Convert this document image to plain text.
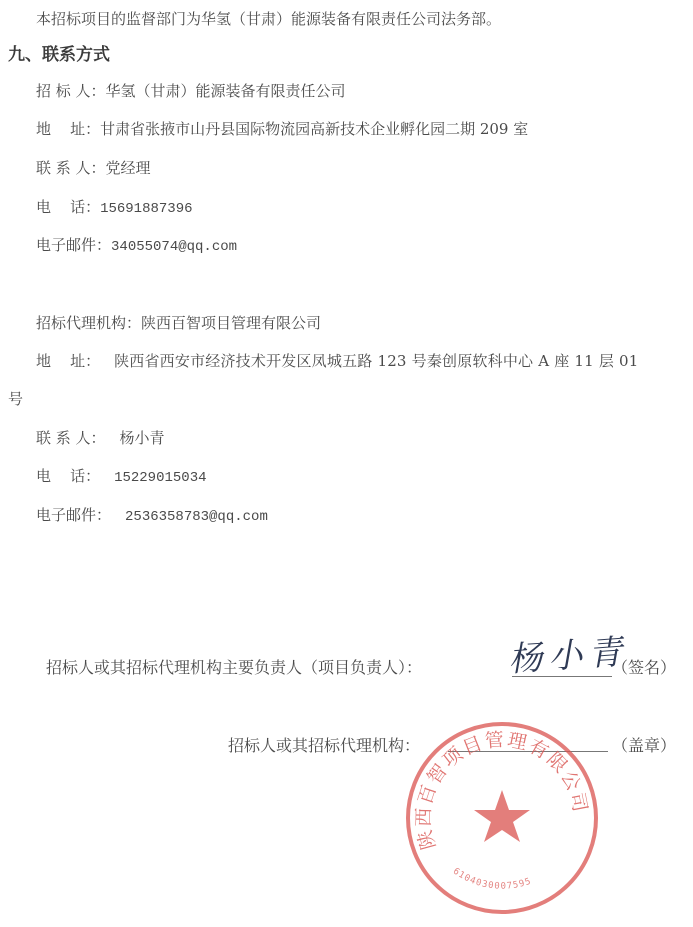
本招标项目的监督部门为华氢（甘肃）能源装备有限责任公司法务部。
九、联系方式
招 标 人：华氢（甘肃）能源装备有限责任公司
地    址：甘肃省张掖市山丹县国际物流园高新技术企业孵化园二期 209 室
联 系 人：党经理
电    话：15691887396
电子邮件：34055074@qq.com
招标代理机构：陕西百智项目管理有限公司
地    址： 陕西省西安市经济技术开发区凤城五路 123 号秦创原软科中心 A 座 11 层 01
号
联 系 人： 杨小青
电    话： 15229015034
电子邮件： 2536358783@qq.com
招标人或其招标代理机构主要负责人（项目负责人）： 杨小青
（签名）
招标人或其招标代理机构：	（盖章）
陕西百智项目管理有限公司
6104030007595
